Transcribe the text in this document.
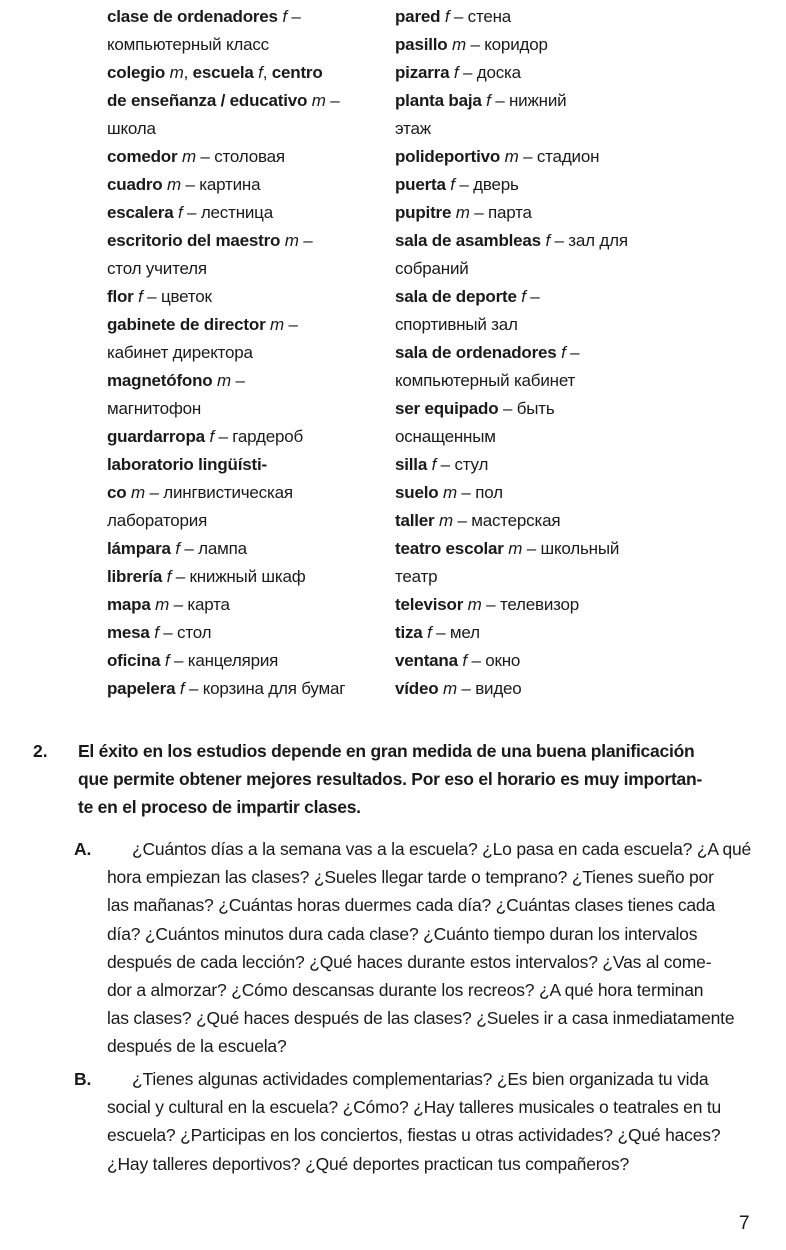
clase de ordenadores f –
компьютерный класс
colegio m, escuela f, centro
de enseñanza / educativo m –
школа
comedor m – столовая
cuadro m – картина
escalera f – лестница
escritorio del maestro m –
стол учителя
flor f – цветок
gabinete de director m –
кабинет директора
magnetófono m –
магнитофон
guardarropa f – гардероб
laboratorio lingüísti-
co m – лингвистическая
лаборатория
lámpara f – лампа
librería f – книжный шкаф
mapa m – карта
mesa f – стол
oficina f – канцелярия
papelera f – корзина для бумаг
pared f – стена
pasillo m – коридор
pizarra f – доска
planta baja f – нижний
этаж
polideportivo m – стадион
puerta f – дверь
pupitre m – парта
sala de asambleas f – зал для
собраний
sala de deporte f –
спортивный зал
sala de ordenadores f –
компьютерный кабинет
ser equipado – быть
оснащенным
silla f – стул
suelo m – пол
taller m – мастерская
teatro escolar m – школьный
театр
televisor m – телевизор
tiza f – мел
ventana f – окно
vídeo m – видео
2. El éxito en los estudios depende en gran medida de una buena planificación
que permite obtener mejores resultados. Por eso el horario es muy importan-
te en el proceso de impartir clases.
A.	¿Cuántos días a la semana vas a la escuela? ¿Lo pasa en cada escuela? ¿A qué
hora empiezan las clases? ¿Sueles llegar tarde o temprano? ¿Tienes sueño por
las mañanas? ¿Cuántas horas duermes cada día? ¿Cuántas clases tienes cada
día? ¿Cuántos minutos dura cada clase? ¿Cuánto tiempo duran los intervalos
después de cada lección? ¿Qué haces durante estos intervalos? ¿Vas al come-
dor a almorzar? ¿Cómo descansas durante los recreos? ¿A qué hora terminan
las clases? ¿Qué haces después de las clases? ¿Sueles ir a casa inmediatamente
después de la escuela?
B.	¿Tienes algunas actividades complementarias? ¿Es bien organizada tu vida
social y cultural en la escuela? ¿Cómo? ¿Hay talleres musicales o teatrales en tu
escuela? ¿Participas en los conciertos, fiestas u otras actividades? ¿Qué haces?
¿Hay talleres deportivos? ¿Qué deportes practican tus compañeros?
7
